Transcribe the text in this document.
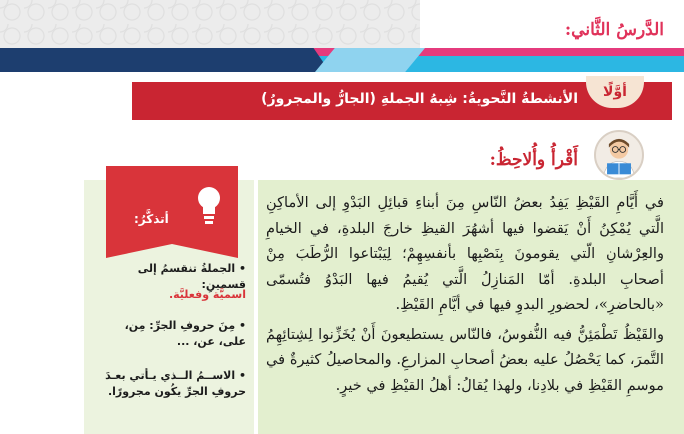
الدَّرسُ الثَّاني:
أوَّلًا
الأنشطةُ النَّحويةُ: شِبهُ الجملةِ (الجارُّ والمجرورُ)
أَقْرأُ وأُلاحِظُ:
أتذكَّرُ:
• الجملةُ تنقسمُ إلى قسمينِ:
اسميَّة وفعليَّة.
• مِنَ حروفِ الجرِّ: مِن، على، عن، ...
• الاســمُ الــذي يـأتي بعـدَ حروفِ الجرِّ يكُون مجرورًا.

في أَيَّامِ القَيْظِ يَفِدُ بعضُ النّاسِ مِنَ أبناءِ قبائِلِ البَدْوِ إلى الأماكِنِ الَّتي يُمْكِنُ أَنْ يَقضوا فيها أشهُرَ القيظِ خارجَ البلدةِ، في الخيامِ والعِرْشانِ الّتي يقومونَ بِنَصْبِها بأنفسِهِمْ؛ لِيَبْتاعوا الرُّطَبَ مِنْ أصحابِ البلدةِ. أمّا المَنازِلُ الَّتي يُقيمُ فيها البَدْوُ فتُسمّى «بالحاضرِ»، لحضورِ البدوِ فيها في أيَّامِ القَيْظِ.

والقَيْظُ تَطْمَئِنُّ فيه النُّفوسُ، فالنّاس يستطيعونَ أَنْ يُخَزِّنوا لِشِتائِهِمُ التَّمرَ، كما يَحْصُلُ عليه بعضُ أصحابِ المزارعِ. والمحاصيلُ كثيرةٌ في موسمِ القَيْظِ في بلادِنا، ولهذا يُقالُ: أهلُ القيْظِ في خيرٍ.
